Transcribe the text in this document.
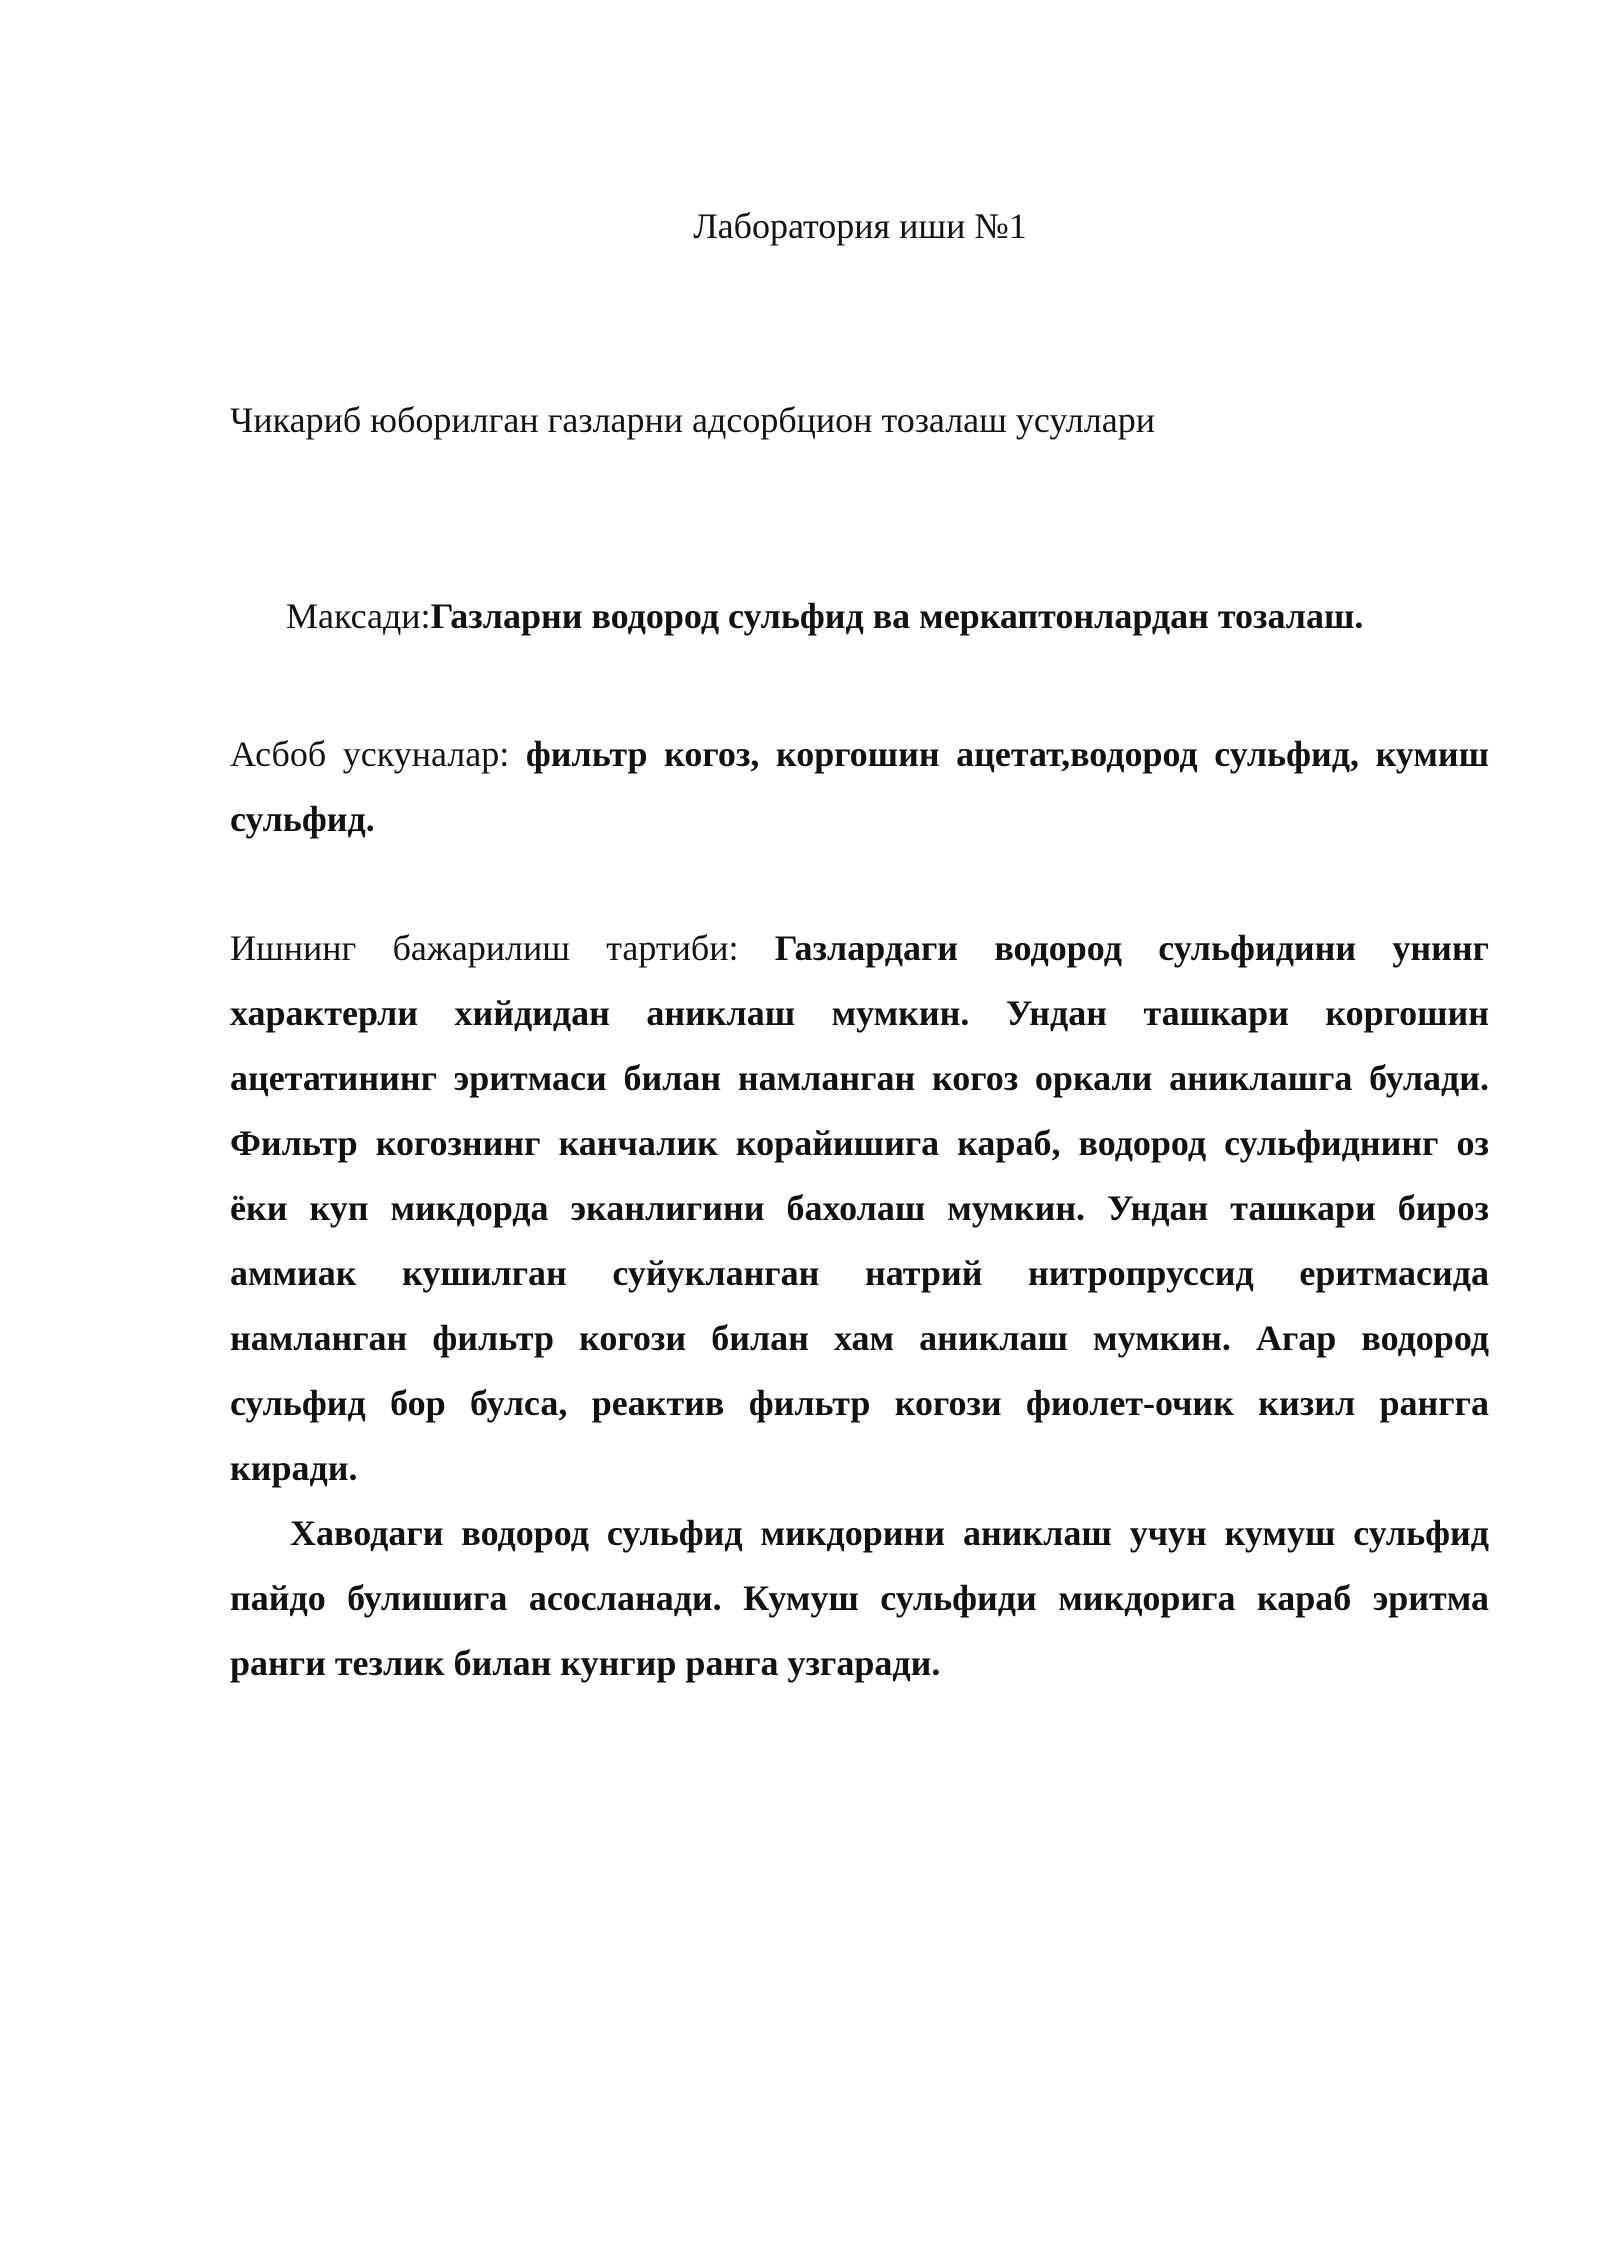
Лаборатория иши №1
Чикариб юборилган газларни адсорбцион тозалаш усуллари
Максади:Газларни водород сульфид ва меркаптонлардан тозалаш.

Асбоб ускуналар: фильтр когоз, коргошин ацетат,водород сульфид, кумиш сульфид.

Ишнинг бажарилиш тартиби: Газлардаги водород сульфидини унинг характерли хийдидан аниклаш мумкин. Ундан ташкари коргошин ацетатининг эритмаси билан намланган когоз оркали аниклашга булади. Фильтр когознинг канчалик корайишига караб, водород сульфиднинг оз ёки куп микдорда эканлигини бахолаш мумкин. Ундан ташкари бироз аммиак кушилган суйукланган натрий нитропруссид еритмасида намланган фильтр когози билан хам аниклаш мумкин. Агар водород сульфид бор булса, реактив фильтр когози фиолет-очик кизил рангга киради.

Хаводаги водород сульфид микдорини аниклаш учун кумуш сульфид пайдо булишига асосланади. Кумуш сульфиди микдорига караб эритма ранги тезлик билан кунгир ранга узгаради.
